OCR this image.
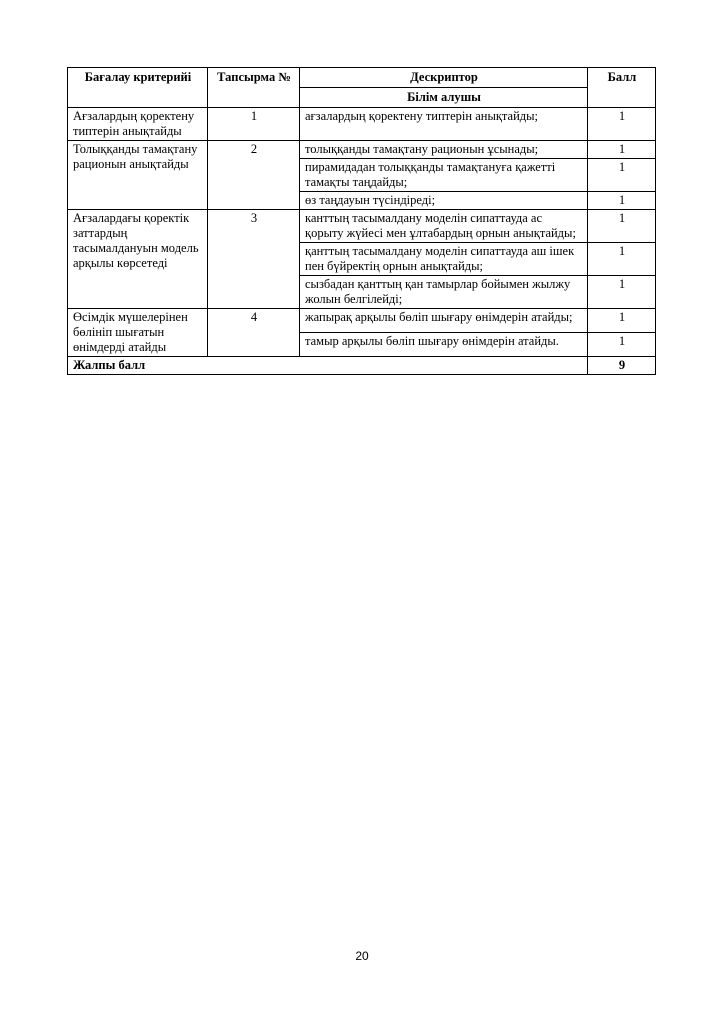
Бағалау критерийі	Тапсырма №	Дескриптор	Балл
		Білім алушы	
Ағзалардың қоректену типтерін анықтайды	1	ағзалардың қоректену типтерін анықтайды;	1
Толыққанды тамақтану рационын анықтайды	2	толыққанды тамақтану рационын ұсынады;	1
		пирамидадан толыққанды тамақтануға қажетті тамақты таңдайды;	1
		өз таңдауын түсіндіреді;	1
Ағзалардағы қоректік заттардың тасымалдануын модель арқылы көрсетеді	3	канттың тасымалдану моделін сипаттауда ас қорыту жүйесі мен ұлтабардың орнын анықтайды;	1
		қанттың тасымалдану моделін сипаттауда аш ішек пен бүйректің орнын анықтайды;	1
		сызбадан қанттың қан тамырлар бойымен жылжу жолын белгілейді;	1
Өсімдік мүшелерінен бөлініп шығатын өнімдерді атайды	4	жапырақ арқылы бөліп шығару өнімдерін атайды;	1
		тамыр арқылы бөліп шығару өнімдерін атайды.	1
Жалпы балл			9
20
